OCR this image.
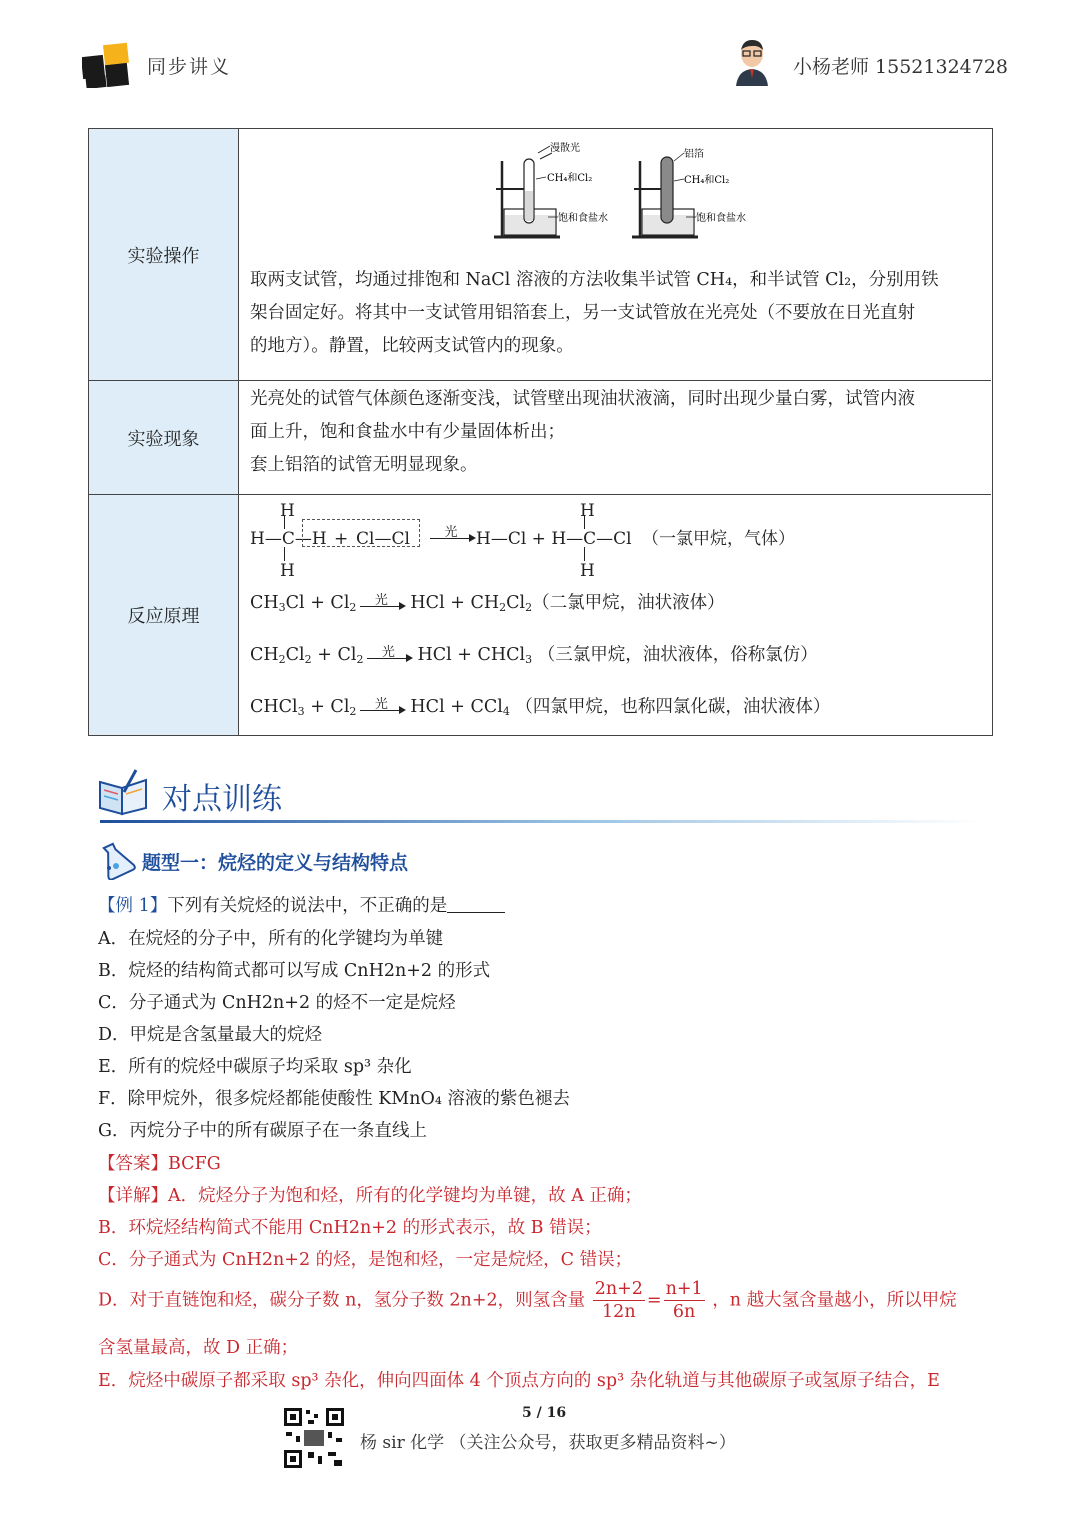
同步讲义	小杨老师 15521324728
实验操作
漫散光
CH₄和Cl₂
饱和食盐水
铝箔
CH₄和Cl₂
饱和食盐水
取两支试管，均通过排饱和 NaCl 溶液的方法收集半试管 CH₄，和半试管 Cl₂，分别用铁
架台固定好。将其中一支试管用铝箔套上，另一支试管放在光亮处（不要放在日光直射
的地方）。静置，比较两支试管内的现象。
实验现象
光亮处的试管气体颜色逐渐变浅，试管壁出现油状液滴，同时出现少量白雾，试管内液
面上升，饱和食盐水中有少量固体析出；
套上铝箔的试管无明显现象。
反应原理
H
H—C—H
H
+ Cl—Cl	光	H—Cl + H—C—Cl
H
H
（一氯甲烷，气体）
$CH_3Cl + Cl_2$	光	HCl + $CH_2Cl_2$（二氯甲烷，油状液体）
$CH_2Cl_2 + Cl_2$	光	HCl + CHCl$_3$ （三氯甲烷，油状液体，俗称氯仿）
CHCl$_3$ + $Cl_2$	光	HCl + CCl$_4$ （四氯甲烷，也称四氯化碳，油状液体）
对点训练
题型一：烷烃的定义与结构特点
【例 1】下列有关烷烃的说法中，不正确的是
A．在烷烃的分子中，所有的化学键均为单键
B．烷烃的结构简式都可以写成 CnH2n+2 的形式
C．分子通式为 CnH2n+2 的烃不一定是烷烃
D．甲烷是含氢量最大的烷烃
E．所有的烷烃中碳原子均采取 sp³ 杂化
F．除甲烷外，很多烷烃都能使酸性 KMnO₄ 溶液的紫色褪去
G．丙烷分子中的所有碳原子在一条直线上
【答案】BCFG
【详解】A．烷烃分子为饱和烃，所有的化学键均为单键，故 A 正确；
B．环烷烃结构简式不能用 CnH2n+2 的形式表示，故 B 错误；
C．分子通式为 CnH2n+2 的烃，是饱和烃，一定是烷烃，C 错误；
D．对于直链饱和烃，碳分子数 n，氢分子数 2n+2，则氢含量 $\frac{2n+2}{12n} = \frac{n+1}{6n}$ ，n 越大氢含量越小，所以甲烷
含氢量最高，故 D 正确；
E．烷烃中碳原子都采取 sp³ 杂化，伸向四面体 4 个顶点方向的 sp³ 杂化轨道与其他碳原子或氢原子结合，E
5 / 16
杨 sir 化学 （关注公众号，获取更多精品资料~）
